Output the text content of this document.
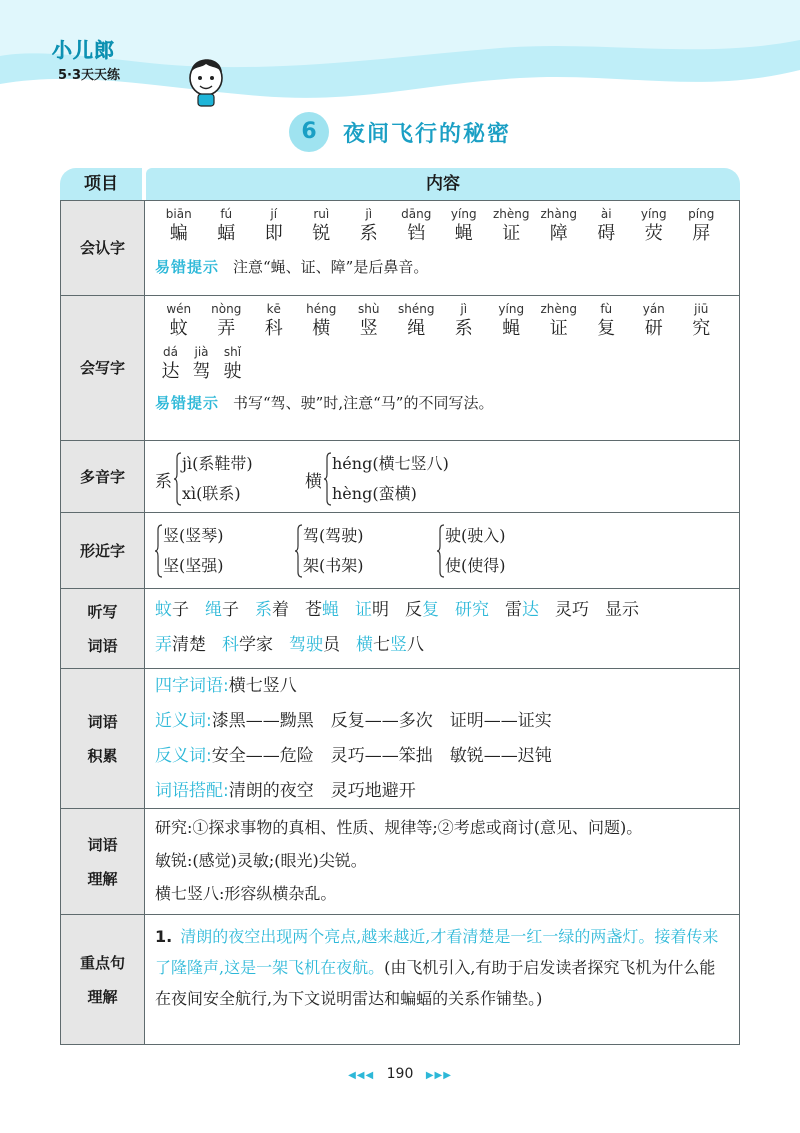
小儿郎
5·3天天练
6 夜间飞行的秘密
项目	内容
会认字
biān
蝙
fú
蝠
jí
即
ruì
锐
jì
系
dāng
铛
yíng
蝇
zhèng
证
zhàng
障
ài
碍
yíng
荧
píng
屏
易错提示 注意“蝇、证、障”是后鼻音。
会写字
wén
蚊
nòng
弄
kē
科
héng
横
shù
竖
shéng
绳
jì
系
yíng
蝇
zhèng
证
fù
复
yán
研
jiū
究
dá
达
jià
驾
shǐ
驶
易错提示 书写“驾、驶”时,注意“马”的不同写法。
多音字	系
jì(系鞋带)
xì(联系)
横
héng(横七竖八)
hèng(蛮横)
形近字
竖(竖琴)
坚(坚强)
驾(驾驶)
架(书架)
驶(驶入)
使(使得)
听写
词语
蚊子 绳子 系着 苍蝇 证明 反复 研究 雷达 灵巧 显示
弄清楚 科学家 驾驶员 横七竖八
词语
积累
四字词语:横七竖八
近义词:漆黑——黝黑　反复——多次　证明——证实
反义词:安全——危险　灵巧——笨拙　敏锐——迟钝
词语搭配:清朗的夜空　灵巧地避开
词语
理解
研究:①探求事物的真相、性质、规律等;②考虑或商讨(意见、问题)。
敏锐:(感觉)灵敏;(眼光)尖锐。
横七竖八:形容纵横杂乱。
重点句
理解
1. 清朗的夜空出现两个亮点,越来越近,才看清楚是一红一绿的两盏灯。接着传来了隆隆声,这是一架飞机在夜航。(由飞机引入,有助于启发读者探究飞机为什么能在夜间安全航行,为下文说明雷达和蝙蝠的关系作铺垫。)
◀◀◀ 190 ▶▶▶
